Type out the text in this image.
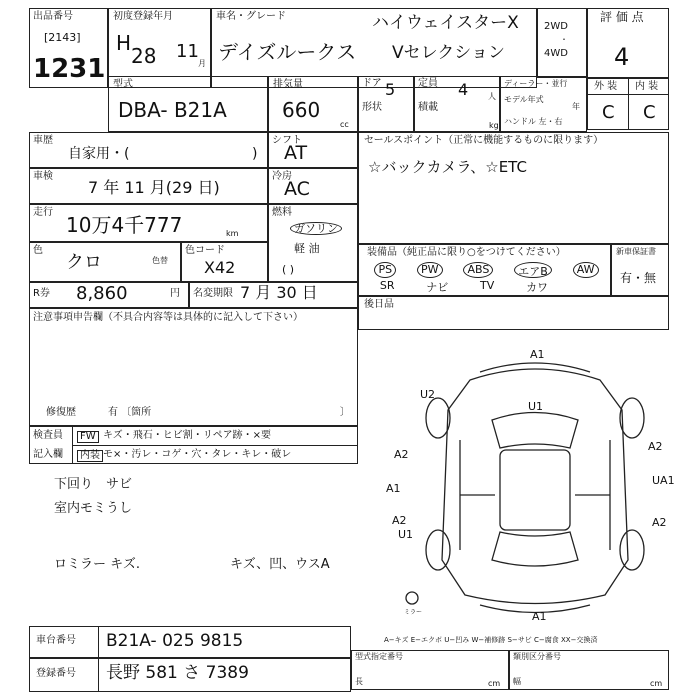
出品番号
[2143]
1231
初度登録年月
H
28 11
月
車名・グレード
デイズルークス
ハイウェイスターX
Vセレクション
2WD
・
4WD
評 価 点
4
外 装 内 装
C C
型式
DBA- B21A
排気量
660
cc
ドア 5
形状
定員 4 人
積載
kg
ディーラー・並行
モデル年式
年
ハンドル 左・右
車歴
自家用・(	)
シフト
AT
車検
7 年 11 月(29 日)
冷房
AC
走行
10万4千777	km
燃料
ガソリン
軽 油
( )
色
クロ	色替
色コード
X42
R券 8,860	円 名変期限 7 月 30 日
セールスポイント（正常に機能するものに限ります）
☆バックカメラ、☆ETC
装備品（純正品に限り○をつけてください）
PS	PW	ABS	エアB	AW
SR	ナビ	TV	カワ
新車保証書
有・無
後日品
注意事項申告欄（不具合内容等は具体的に記入して下さい）
修復歴	有 〔箇所	〕
検査員
記入欄
FW キズ・飛石・ヒビ割・リペア跡・×要
内装 モ×・汚レ・コゲ・穴・タレ・キレ・破レ
下回り　サビ
室内モミうし
ロミラー キズ.	キズ、凹、ウスA
ミラー
A1
U1
U2
A2
A1
A2
U1
A2
UA1
A2
A1
A−キズ E−エクボ U−凹み W−補修跡 S−サビ C−腐食 XX−交換済
車台番号 B21A- 025 9815
登録番号 長野 581 さ 7389
型式指定番号
長	cm
類別区分番号
幅	cm
